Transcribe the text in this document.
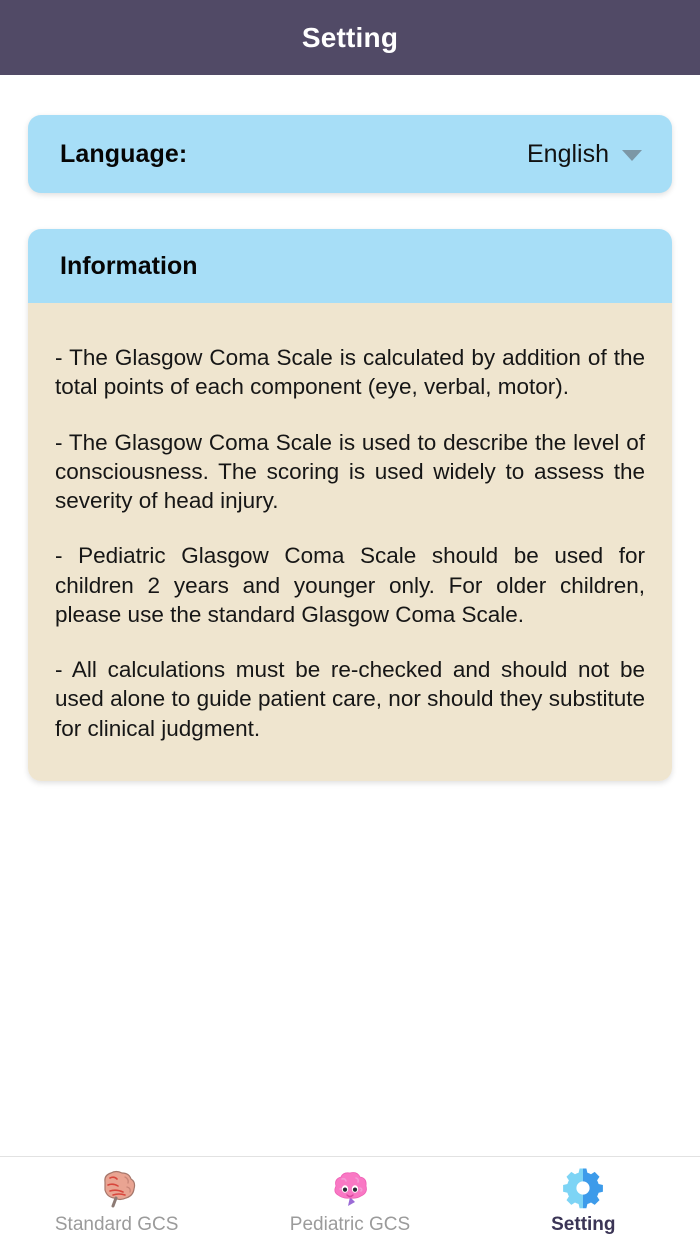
Setting
Language:	English
Information

- The Glasgow Coma Scale is calculated by addition of the total points of each component (eye, verbal, motor).

- The Glasgow Coma Scale is used to describe the level of consciousness. The scoring is used widely to assess the severity of head injury.

- Pediatric Glasgow Coma Scale should be used for children 2 years and younger only. For older children, please use the standard Glasgow Coma Scale.

- All calculations must be re-checked and should not be used alone to guide patient care, nor should they substitute for clinical judgment.

Standard GCS	Pediatric GCS	Setting
